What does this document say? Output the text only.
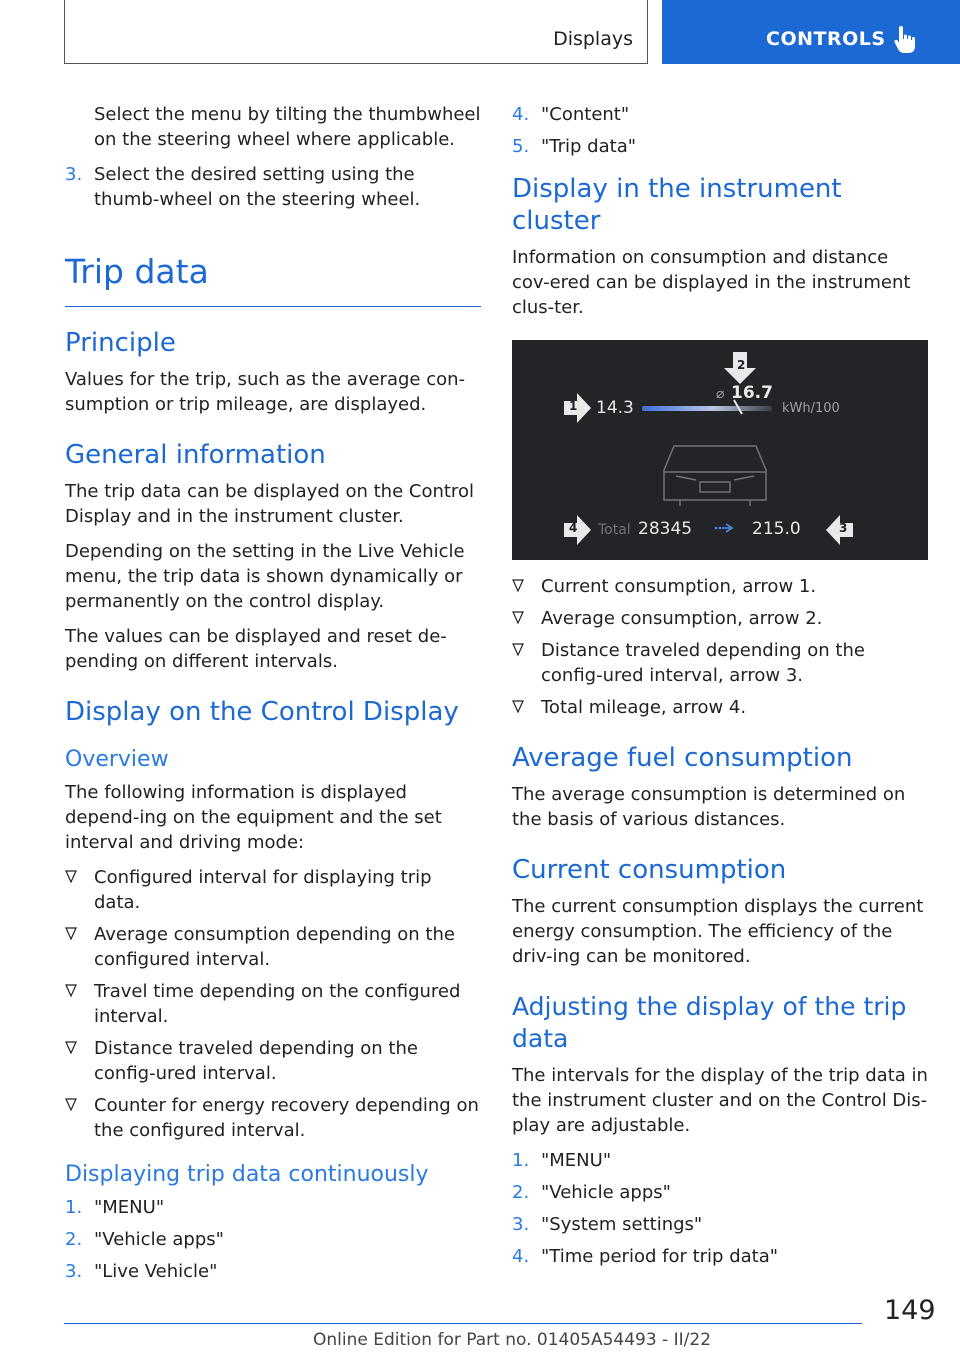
Displays	CONTROLS

Select the menu by tilting the thumbwheel on the steering wheel where applicable.

3. Select the desired setting using the thumb-wheel on the steering wheel.
Trip data
Principle

Values for the trip, such as the average con-sumption or trip mileage, are displayed.

General information

The trip data can be displayed on the Control Display and in the instrument cluster.

Depending on the setting in the Live Vehicle menu, the trip data is shown dynamically or permanently on the control display.

The values can be displayed and reset de-pending on different intervals.

Display on the Control Display
Overview

The following information is displayed depend-ing on the equipment and the set interval and driving mode:

Configured interval for displaying trip data.
Average consumption depending on the configured interval.
Travel time depending on the configured interval.
Distance traveled depending on the config-ured interval.
Counter for energy recovery depending on the configured interval.
Displaying trip data continuously
1. "MENU"
2. "Vehicle apps"
3. "Live Vehicle"
4. "Content"
5. "Trip data"
Display in the instrument cluster

Information on consumption and distance cov-ered can be displayed in the instrument clus-ter.

1
2
3
4
14.3
⌀ 16.7
kWh/100
Total 28345	215.0
Current consumption, arrow 1.
Average consumption, arrow 2.
Distance traveled depending on the config-ured interval, arrow 3.
Total mileage, arrow 4.
Average fuel consumption

The average consumption is determined on the basis of various distances.

Current consumption

The current consumption displays the current energy consumption. The efficiency of the driv-ing can be monitored.

Adjusting the display of the trip data

The intervals for the display of the trip data in the instrument cluster and on the Control Dis-play are adjustable.

1. "MENU"
2. "Vehicle apps"
3. "System settings"
4. "Time period for trip data"
149
Online Edition for Part no. 01405A54493 - II/22
